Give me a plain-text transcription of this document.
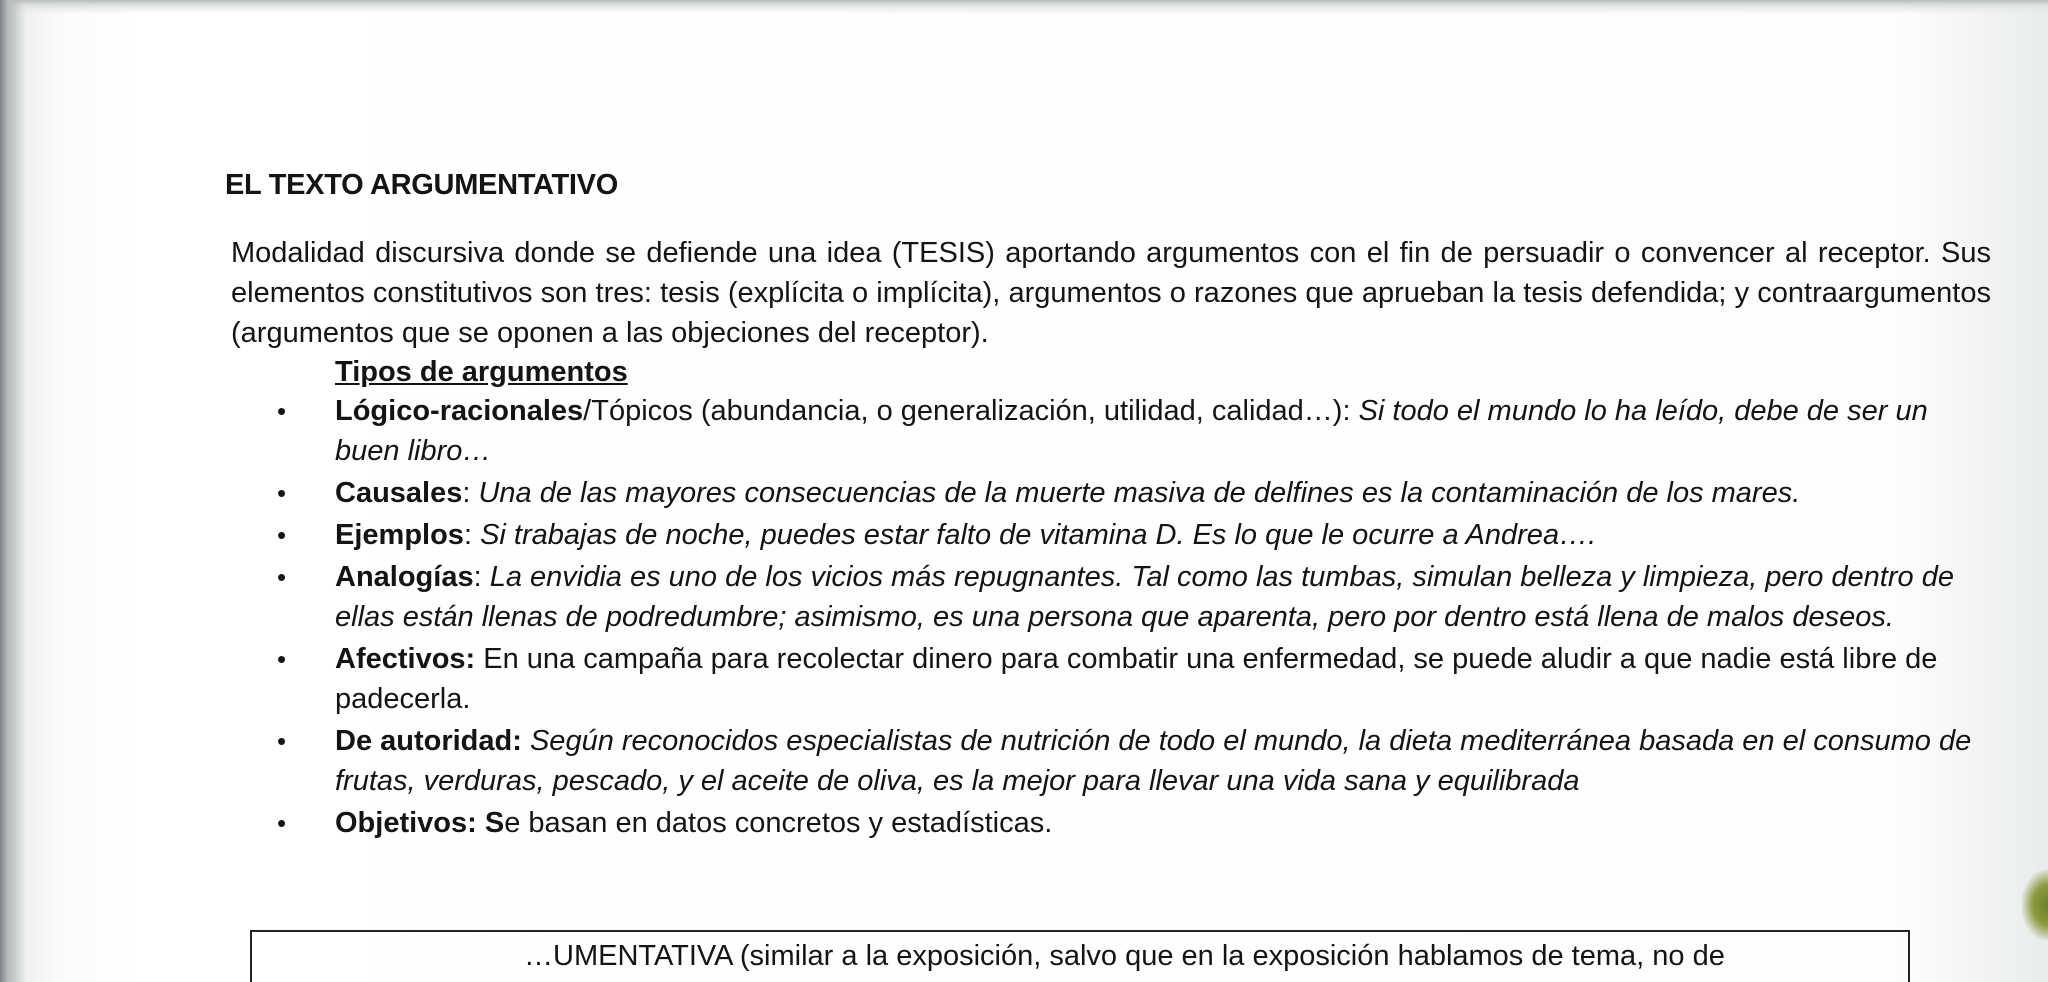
EL TEXTO ARGUMENTATIVO

Modalidad discursiva donde se defiende una idea (TESIS) aportando argumentos con el fin de persuadir o convencer al receptor. Sus elementos constitutivos son tres: tesis (explícita o implícita), argumentos o razones que aprueban la tesis defendida; y contraargumentos (argumentos que se oponen a las objeciones del receptor).

Tipos de argumentos

• Lógico-racionales/Tópicos (abundancia, o generalización, utilidad, calidad…): Si todo el mundo lo ha leído, debe de ser un buen libro…
• Causales: Una de las mayores consecuencias de la muerte masiva de delfines es la contaminación de los mares.
• Ejemplos: Si trabajas de noche, puedes estar falto de vitamina D. Es lo que le ocurre a Andrea….
• Analogías: La envidia es uno de los vicios más repugnantes. Tal como las tumbas, simulan belleza y limpieza, pero dentro de ellas están llenas de podredumbre; asimismo, es una persona que aparenta, pero por dentro está llena de malos deseos.
• Afectivos: En una campaña para recolectar dinero para combatir una enfermedad, se puede aludir a que nadie está libre de padecerla.
• De autoridad: Según reconocidos especialistas de nutrición de todo el mundo, la dieta mediterránea basada en el consumo de frutas, verduras, pescado, y el aceite de oliva, es la mejor para llevar una vida sana y equilibrada
• Objetivos: Se basan en datos concretos y estadísticas.
…UMENTATIVA (similar a la exposición, salvo que en la exposición hablamos de tema, no de
